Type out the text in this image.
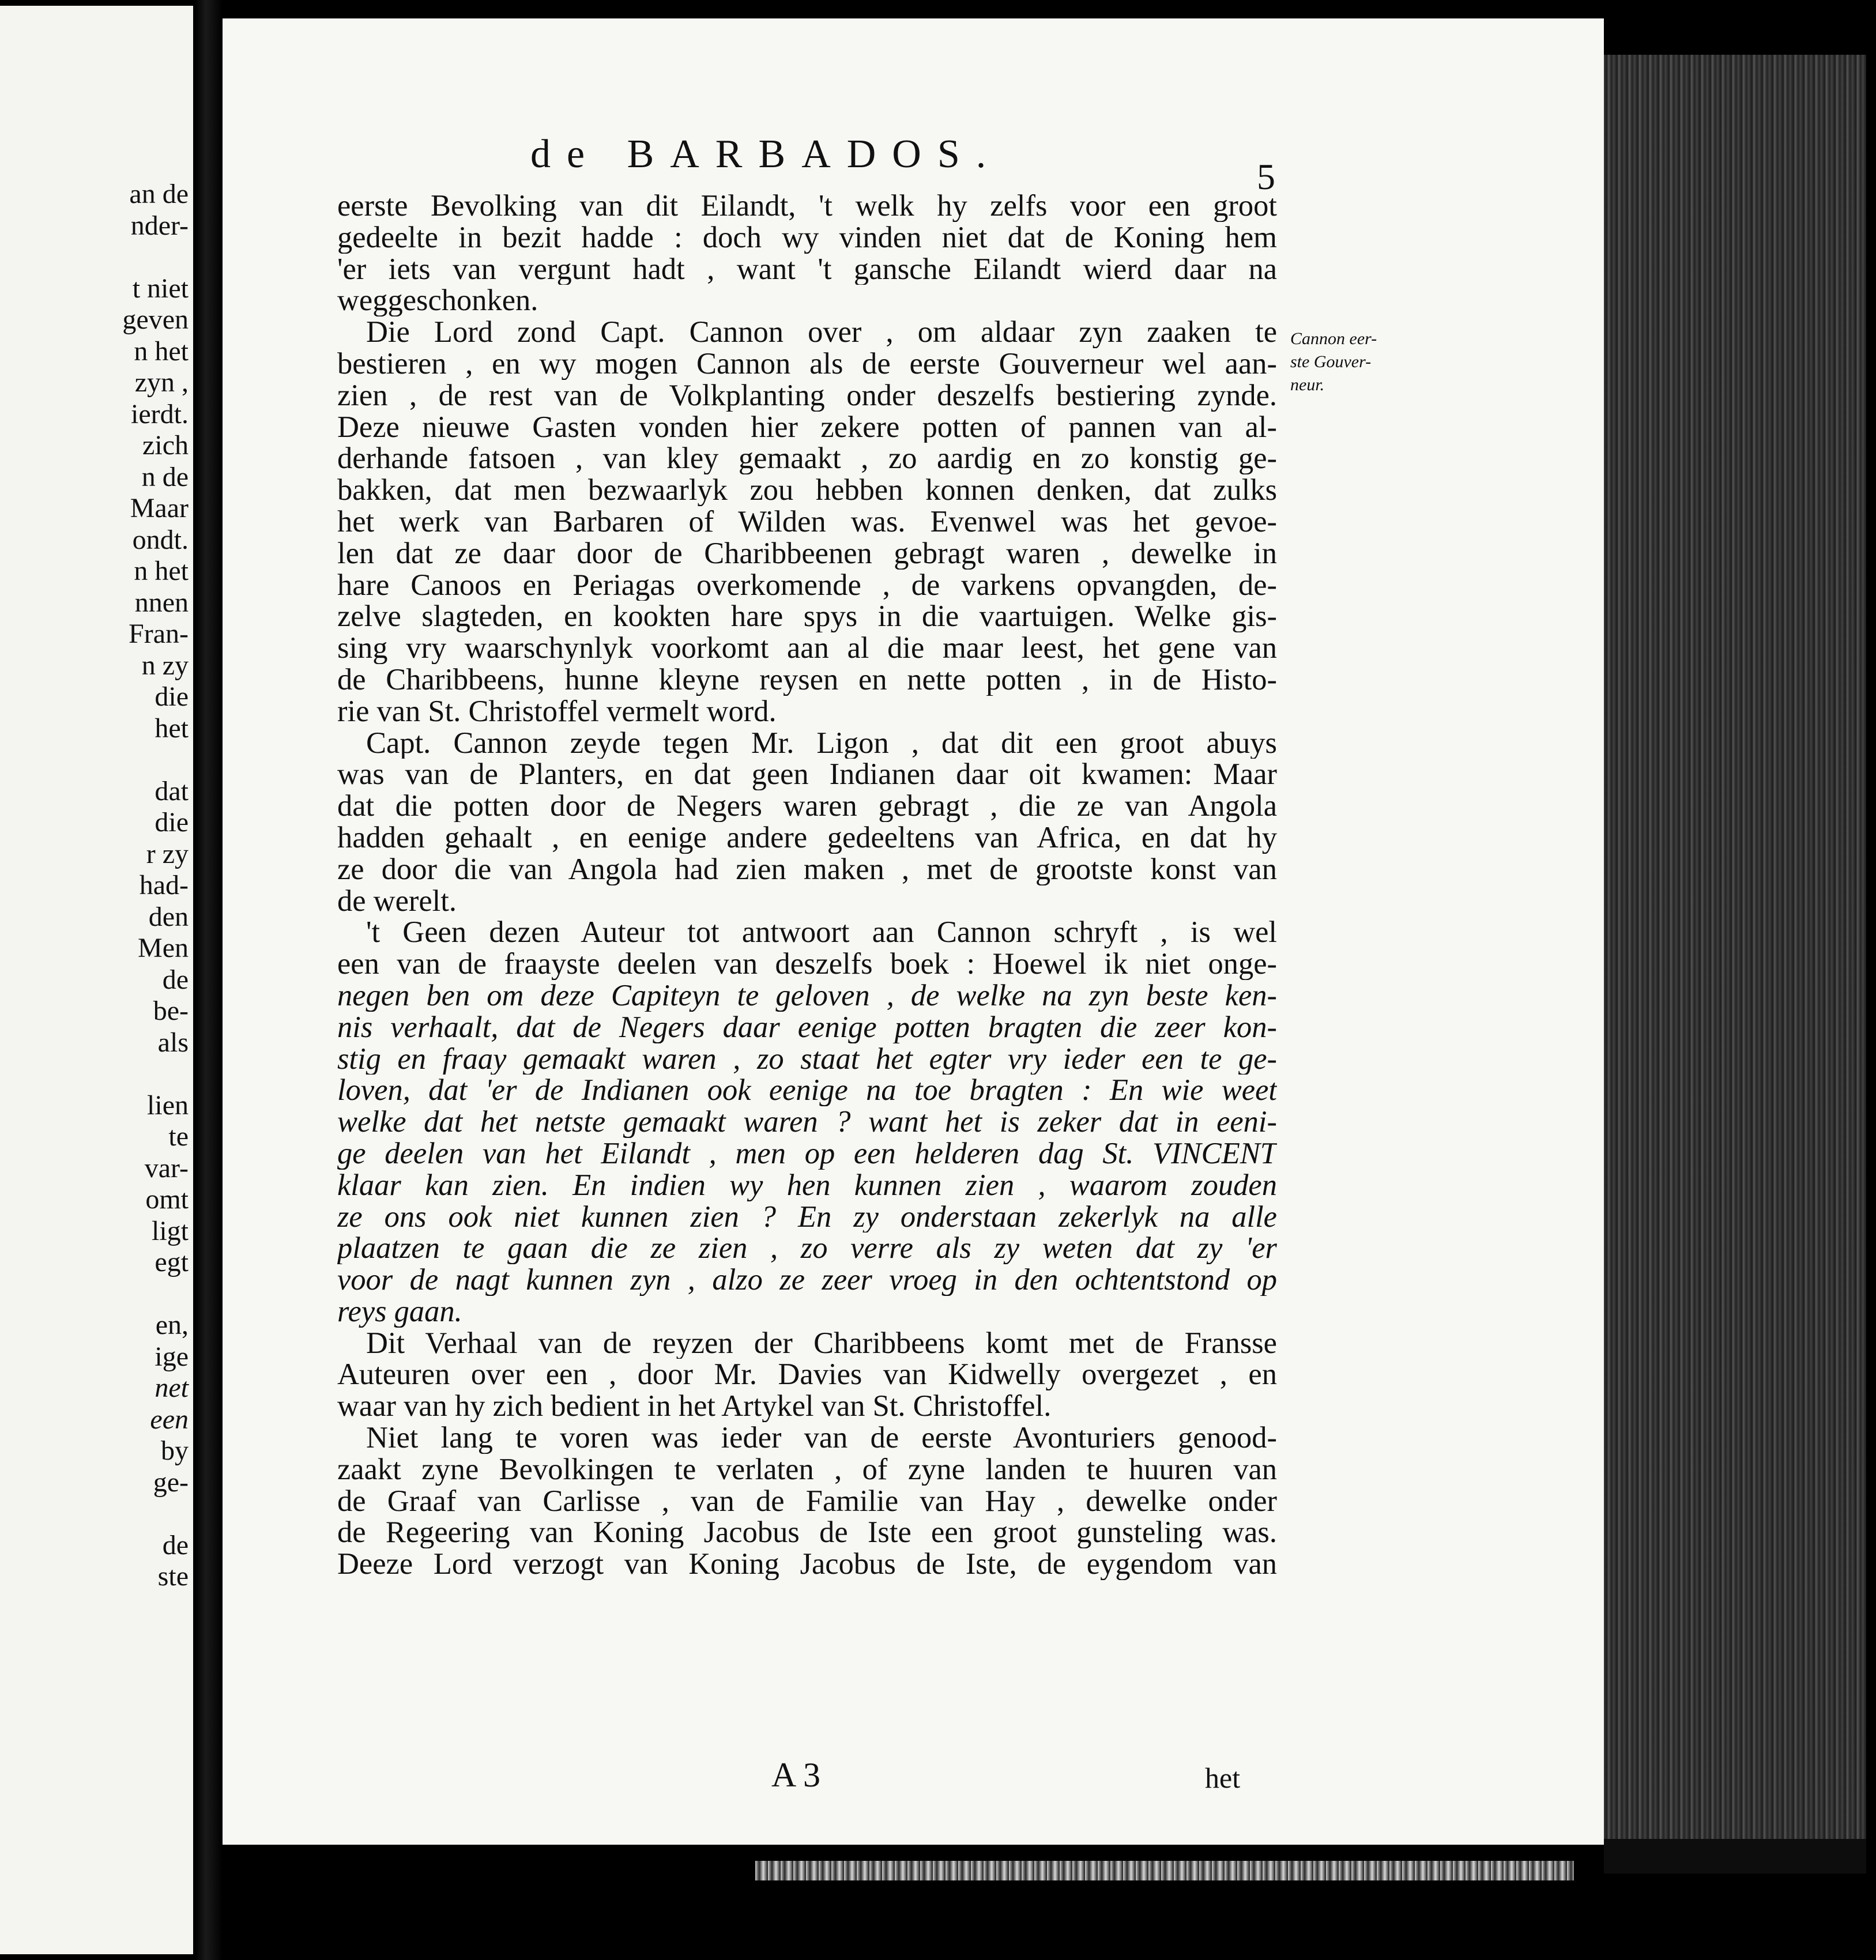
an de
nder-
t niet
geven
n het
zyn ,
ierdt.
zich
n de
Maar
ondt.
n het
nnen
Fran-
n zy
die
het
dat
die
r zy
had-
den
Men
de
be-
als
lien
te
var-
omt
ligt
egt
en,
ige
net
een
by
ge-
de
ste
de BARBADOS.
5
Cannon eer-
ste Gouver-
neur.
eerste Bevolking van dit Eilandt, 't welk hy zelfs voor een groot
gedeelte in bezit hadde : doch wy vinden niet dat de Koning hem
'er iets van vergunt hadt , want 't gansche Eilandt wierd daar na
weggeschonken.
Die Lord zond Capt. Cannon over , om aldaar zyn zaaken te
bestieren , en wy mogen Cannon als de eerste Gouverneur wel aan-
zien , de rest van de Volkplanting onder deszelfs bestiering zynde.
Deze nieuwe Gasten vonden hier zekere potten of pannen van al-
derhande fatsoen , van kley gemaakt , zo aardig en zo konstig ge-
bakken, dat men bezwaarlyk zou hebben konnen denken, dat zulks
het werk van Barbaren of Wilden was. Evenwel was het gevoe-
len dat ze daar door de Charibbeenen gebragt waren , dewelke in
hare Canoos en Periagas overkomende , de varkens opvangden, de-
zelve slagteden, en kookten hare spys in die vaartuigen. Welke gis-
sing vry waarschynlyk voorkomt aan al die maar leest, het gene van
de Charibbeens, hunne kleyne reysen en nette potten , in de Histo-
rie van St. Christoffel vermelt word.
Capt. Cannon zeyde tegen Mr. Ligon , dat dit een groot abuys
was van de Planters, en dat geen Indianen daar oit kwamen: Maar
dat die potten door de Negers waren gebragt , die ze van Angola
hadden gehaalt , en eenige andere gedeeltens van Africa, en dat hy
ze door die van Angola had zien maken , met de grootste konst van
de werelt.
't Geen dezen Auteur tot antwoort aan Cannon schryft , is wel
een van de fraayste deelen van deszelfs boek : Hoewel ik niet onge-
negen ben om deze Capiteyn te geloven , de welke na zyn beste ken-
nis verhaalt, dat de Negers daar eenige potten bragten die zeer kon-
stig en fraay gemaakt waren , zo staat het egter vry ieder een te ge-
loven, dat 'er de Indianen ook eenige na toe bragten : En wie weet
welke dat het netste gemaakt waren ? want het is zeker dat in eeni-
ge deelen van het Eilandt , men op een helderen dag St. VINCENT
klaar kan zien. En indien wy hen kunnen zien , waarom zouden
ze ons ook niet kunnen zien ? En zy onderstaan zekerlyk na alle
plaatzen te gaan die ze zien , zo verre als zy weten dat zy 'er
voor de nagt kunnen zyn , alzo ze zeer vroeg in den ochtentstond op
reys gaan.
Dit Verhaal van de reyzen der Charibbeens komt met de Fransse
Auteuren over een , door Mr. Davies van Kidwelly overgezet , en
waar van hy zich bedient in het Artykel van St. Christoffel.
Niet lang te voren was ieder van de eerste Avonturiers genood-
zaakt zyne Bevolkingen te verlaten , of zyne landen te huuren van
de Graaf van Carlisse , van de Familie van Hay , dewelke onder
de Regeering van Koning Jacobus de Iste een groot gunsteling was.
Deeze Lord verzogt van Koning Jacobus de Iste, de eygendom van
A 3	het
